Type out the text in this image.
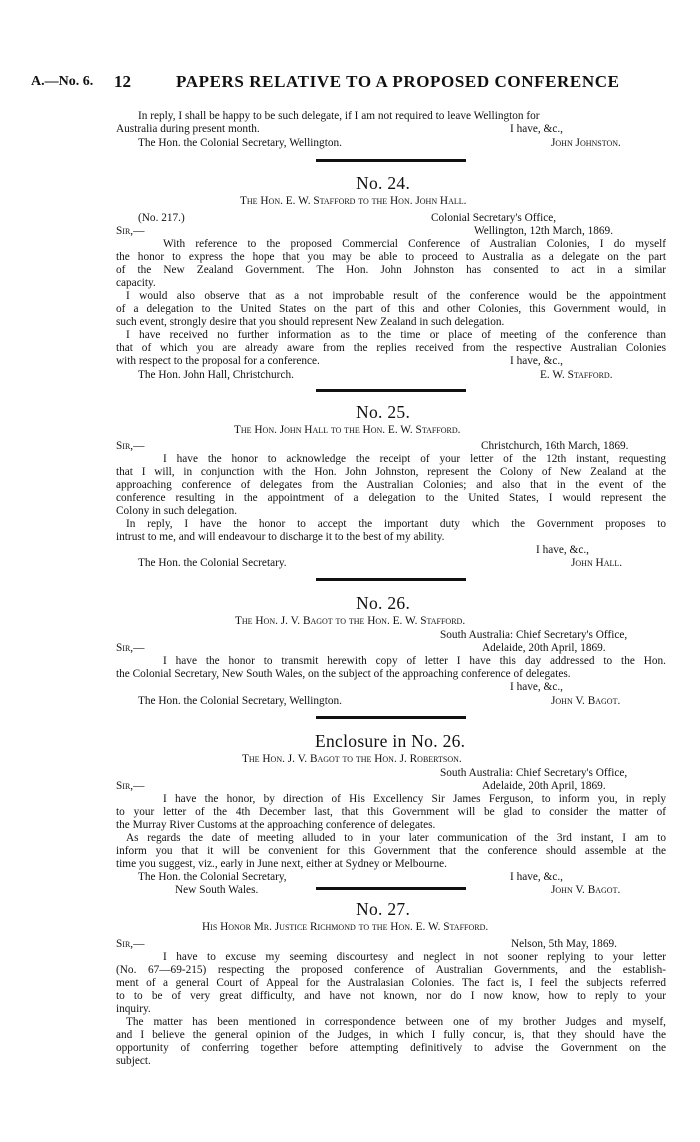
A.—No. 6. 12	PAPERS RELATIVE TO A PROPOSED CONFERENCE
In reply, I shall be happy to be such delegate, if I am not required to leave Wellington for
Australia during present month.	I have, &c.,
The Hon. the Colonial Secretary, Wellington.	John Johnston.
No. 24.
The Hon. E. W. Stafford to the Hon. John Hall.
(No. 217.)	Colonial Secretary's Office,
Sir,—	Wellington, 12th March, 1869.
With reference to the proposed Commercial Conference of Australian Colonies, I do myself
the honor to express the hope that you may be able to proceed to Australia as a delegate on the part
of the New Zealand Government. The Hon. John Johnston has consented to act in a similar
capacity.
I would also observe that as a not improbable result of the conference would be the appointment
of a delegation to the United States on the part of this and other Colonies, this Government would, in
such event, strongly desire that you should represent New Zealand in such delegation.
I have received no further information as to the time or place of meeting of the conference than
that of which you are already aware from the replies received from the respective Australian Colonies
with respect to the proposal for a conference.	I have, &c.,
The Hon. John Hall, Christchurch.	E. W. Stafford.
No. 25.
The Hon. John Hall to the Hon. E. W. Stafford.
Sir,—	Christchurch, 16th March, 1869.
I have the honor to acknowledge the receipt of your letter of the 12th instant, requesting
that I will, in conjunction with the Hon. John Johnston, represent the Colony of New Zealand at the
approaching conference of delegates from the Australian Colonies; and also that in the event of the
conference resulting in the appointment of a delegation to the United States, I would represent the
Colony in such delegation.
In reply, I have the honor to accept the important duty which the Government proposes to
intrust to me, and will endeavour to discharge it to the best of my ability.
I have, &c.,
The Hon. the Colonial Secretary.	John Hall.
No. 26.
The Hon. J. V. Bagot to the Hon. E. W. Stafford.
South Australia: Chief Secretary's Office,
Sir,—	Adelaide, 20th April, 1869.
I have the honor to transmit herewith copy of letter I have this day addressed to the Hon.
the Colonial Secretary, New South Wales, on the subject of the approaching conference of delegates.
I have, &c.,
The Hon. the Colonial Secretary, Wellington.	John V. Bagot.
Enclosure in No. 26.
The Hon. J. V. Bagot to the Hon. J. Robertson.
South Australia: Chief Secretary's Office,
Sir,—	Adelaide, 20th April, 1869.
I have the honor, by direction of His Excellency Sir James Ferguson, to inform you, in reply
to your letter of the 4th December last, that this Government will be glad to consider the matter of
the Murray River Customs at the approaching conference of delegates.
As regards the date of meeting alluded to in your later communication of the 3rd instant, I am to
inform you that it will be convenient for this Government that the conference should assemble at the
time you suggest, viz., early in June next, either at Sydney or Melbourne.
The Hon. the Colonial Secretary,	I have, &c.,
New South Wales.	John V. Bagot.
No. 27.
His Honor Mr. Justice Richmond to the Hon. E. W. Stafford.
Sir,—	Nelson, 5th May, 1869.
I have to excuse my seeming discourtesy and neglect in not sooner replying to your letter
(No. 67—69-215) respecting the proposed conference of Australian Governments, and the establish-
ment of a general Court of Appeal for the Australasian Colonies. The fact is, I feel the subjects referred
to to be of very great difficulty, and have not known, nor do I now know, how to reply to your
inquiry.
The matter has been mentioned in correspondence between one of my brother Judges and myself,
and I believe the general opinion of the Judges, in which I fully concur, is, that they should have the
opportunity of conferring together before attempting definitively to advise the Government on the
subject.
